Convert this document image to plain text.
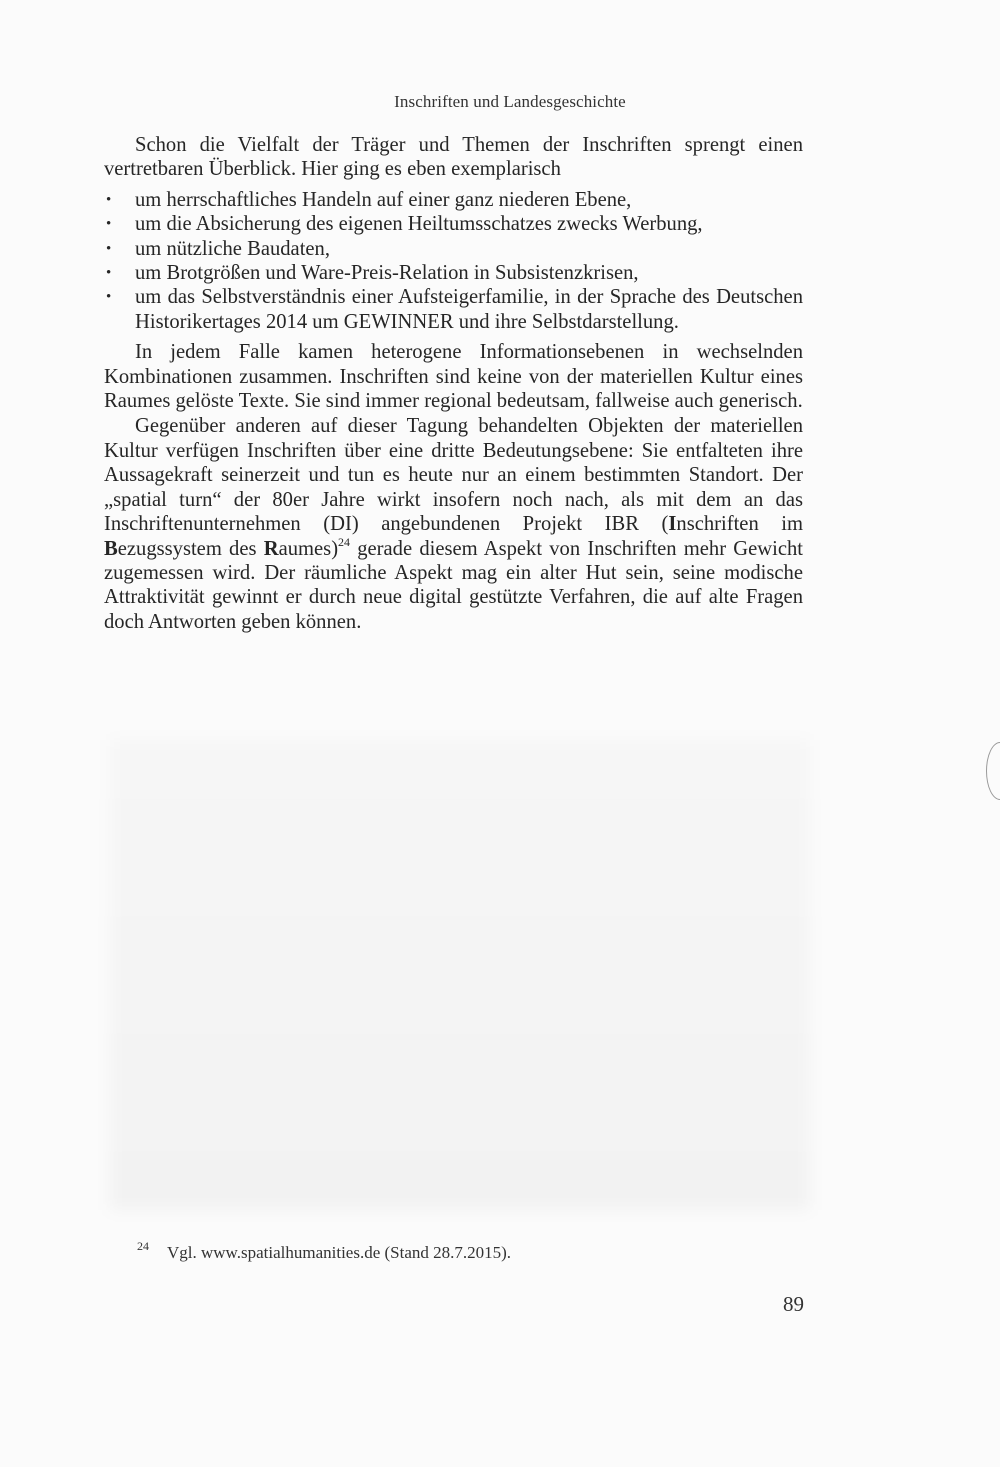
Inschriften und Landesgeschichte

Schon die Vielfalt der Träger und Themen der Inschriften sprengt einen vertretbaren Überblick. Hier ging es eben exemplarisch

• um herrschaftliches Handeln auf einer ganz niederen Ebene,
• um die Absicherung des eigenen Heiltumsschatzes zwecks Werbung,
• um nützliche Baudaten,
• um Brotgrößen und Ware-Preis-Relation in Subsistenzkrisen,
• um das Selbstverständnis einer Aufsteigerfamilie, in der Sprache des Deutschen Historikertages 2014 um GEWINNER und ihre Selbstdarstellung.

In jedem Falle kamen heterogene Informationsebenen in wechselnden Kombinationen zusammen. Inschriften sind keine von der materiellen Kultur eines Raumes gelöste Texte. Sie sind immer regional bedeutsam, fallweise auch generisch.

Gegenüber anderen auf dieser Tagung behandelten Objekten der materiellen Kultur verfügen Inschriften über eine dritte Bedeutungsebene: Sie entfalteten ihre Aussagekraft seinerzeit und tun es heute nur an einem bestimmten Standort. Der „spatial turn“ der 80er Jahre wirkt insofern noch nach, als mit dem an das Inschriftenunternehmen (DI) angebundenen Projekt IBR (Inschriften im Bezugssystem des Raumes)$^{24}$ gerade diesem Aspekt von Inschriften mehr Gewicht zugemessen wird. Der räumliche Aspekt mag ein alter Hut sein, seine modische Attraktivität gewinnt er durch neue digital gestützte Verfahren, die auf alte Fragen doch Antworten geben können.

24 Vgl. www.spatialhumanities.de (Stand 28.7.2015).
89
